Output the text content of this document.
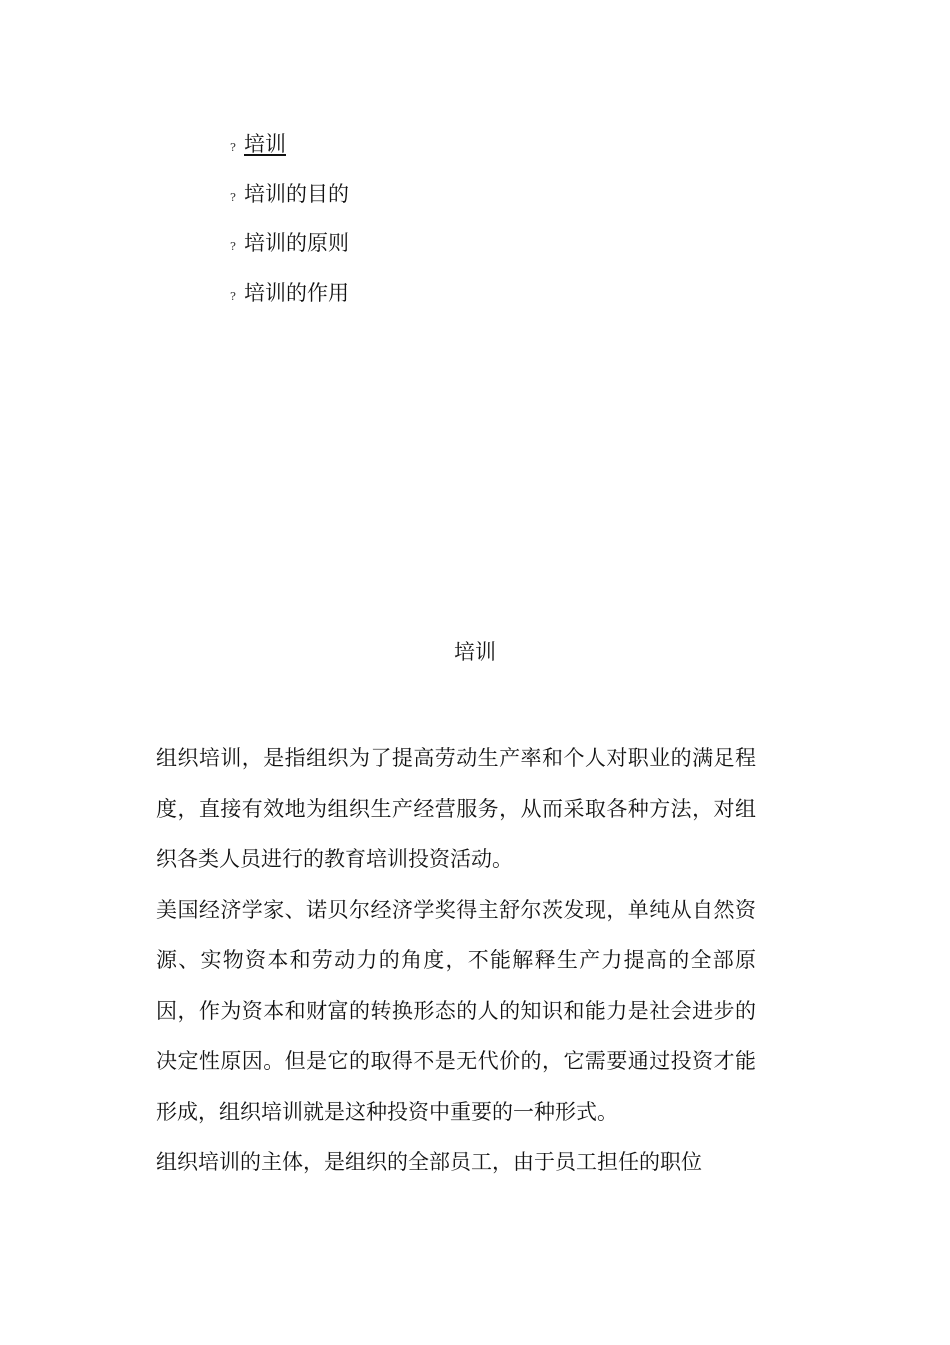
? 培训
? 培训的目的
? 培训的原则
? 培训的作用
培训

组织培训，是指组织为了提高劳动生产率和个人对职业的满足程度，直接有效地为组织生产经营服务，从而采取各种方法，对组织各类人员进行的教育培训投资活动。

美国经济学家、诺贝尔经济学奖得主舒尔茨发现，单纯从自然资源、实物资本和劳动力的角度，不能解释生产力提高的全部原因，作为资本和财富的转换形态的人的知识和能力是社会进步的决定性原因。但是它的取得不是无代价的，它需要通过投资才能形成，组织培训就是这种投资中重要的一种形式。

组织培训的主体，是组织的全部员工，由于员工担任的职位
